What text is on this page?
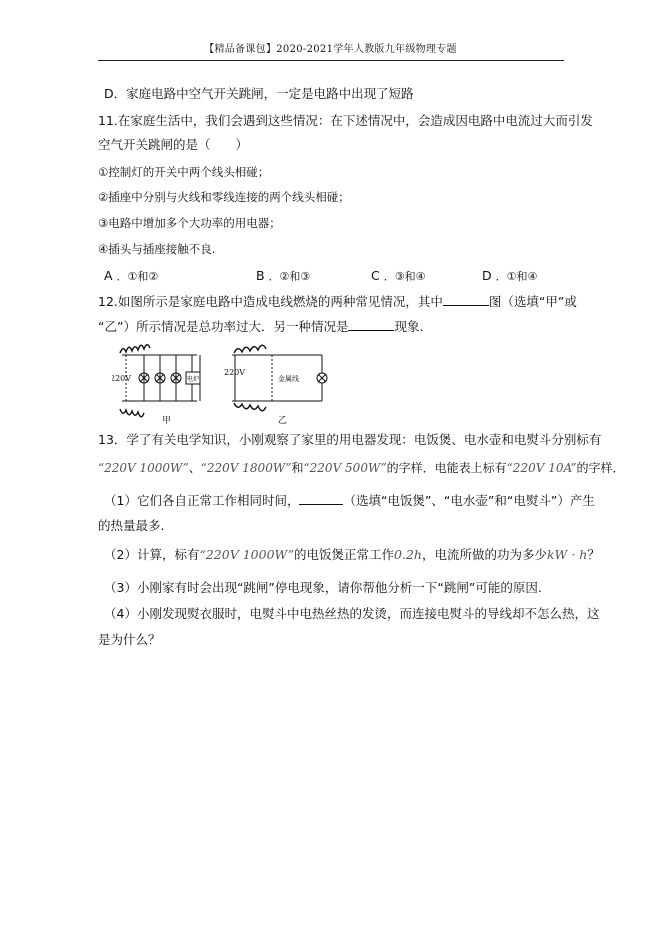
【精品备课包】2020-2021学年人教版九年级物理专题
D．家庭电路中空气开关跳闸，一定是电路中出现了短路
11.在家庭生活中，我们会遇到这些情况：在下述情况中，会造成因电路中电流过大而引发
空气开关跳闸的是（　　）
①控制灯的开关中两个线头相碰；
②插座中分别与火线和零线连接的两个线头相碰；
③电路中增加多个大功率的用电器；
④插头与插座接触不良.
A ．①和②	B ．②和③	C ．③和④	D ．①和④
12.如图所示是家庭电路中造成电线燃烧的两种常见情况，其中	图（选填“甲”或
“乙”）所示情况是总功率过大．另一种情况是	现象.
220V	电炉
220V
金属线
甲	乙
13．学了有关电学知识，小刚观察了家里的用电器发现：电饭煲、电水壶和电熨斗分别标有
“220V 1000W”、“220V 1800W”和“220V 500W”的字样．电能表上标有“220V 10A”的字样．
（1）它们各自正常工作相同时间，	（选填“电饭煲”、“电水壶”和“电熨斗”）产生
的热量最多.
（2）计算，标有“220V 1000W”的电饭煲正常工作0.2h，电流所做的功为多少kW · h？
（3）小刚家有时会出现“跳闸”停电现象，请你帮他分析一下“跳闸”可能的原因.
（4）小刚发现熨衣服时，电熨斗中电热丝热的发烫，而连接电熨斗的导线却不怎么热，这
是为什么？
